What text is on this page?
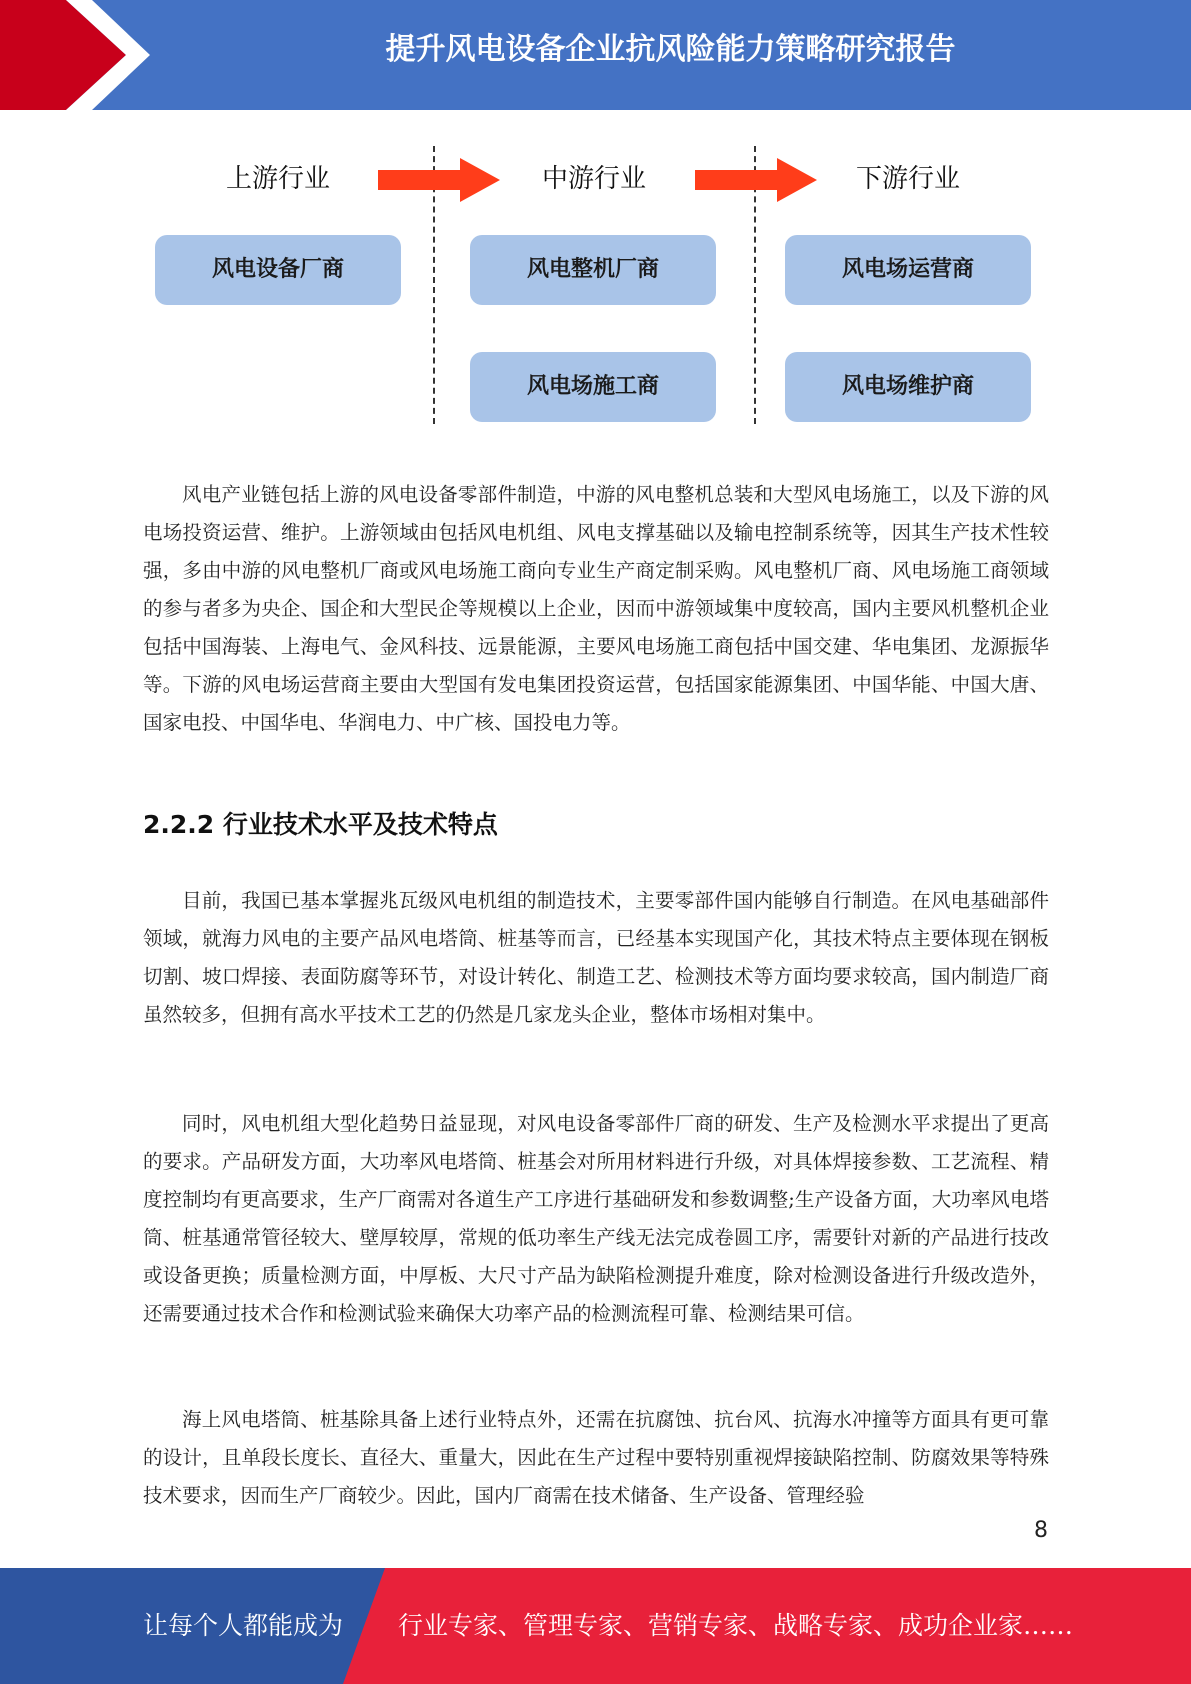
提升风电设备企业抗风险能力策略研究报告
上游行业	中游行业	下游行业
风电设备厂商	风电整机厂商
风电场施工商
风电场运营商
风电场维护商

风电产业链包括上游的风电设备零部件制造，中游的风电整机总装和大型风电场施工，以及下游的风电场投资运营、维护。上游领域由包括风电机组、风电支撑基础以及输电控制系统等，因其生产技术性较强，多由中游的风电整机厂商或风电场施工商向专业生产商定制采购。风电整机厂商、风电场施工商领域的参与者多为央企、国企和大型民企等规模以上企业，因而中游领域集中度较高，国内主要风机整机企业包括中国海装、上海电气、金风科技、远景能源，主要风电场施工商包括中国交建、华电集团、龙源振华等。下游的风电场运营商主要由大型国有发电集团投资运营，包括国家能源集团、中国华能、中国大唐、国家电投、中国华电、华润电力、中广核、国投电力等。

2.2.2 行业技术水平及技术特点

目前，我国已基本掌握兆瓦级风电机组的制造技术，主要零部件国内能够自行制造。在风电基础部件领域，就海力风电的主要产品风电塔筒、桩基等而言，已经基本实现国产化，其技术特点主要体现在钢板切割、坡口焊接、表面防腐等环节，对设计转化、制造工艺、检测技术等方面均要求较高，国内制造厂商虽然较多，但拥有高水平技术工艺的仍然是几家龙头企业，整体市场相对集中。

同时，风电机组大型化趋势日益显现，对风电设备零部件厂商的研发、生产及检测水平求提出了更高的要求。产品研发方面，大功率风电塔筒、桩基会对所用材料进行升级，对具体焊接参数、工艺流程、精度控制均有更高要求，生产厂商需对各道生产工序进行基础研发和参数调整;生产设备方面，大功率风电塔筒、桩基通常管径较大、壁厚较厚，常规的低功率生产线无法完成卷圆工序，需要针对新的产品进行技改或设备更换；质量检测方面，中厚板、大尺寸产品为缺陷检测提升难度，除对检测设备进行升级改造外，还需要通过技术合作和检测试验来确保大功率产品的检测流程可靠、检测结果可信。

海上风电塔筒、桩基除具备上述行业特点外，还需在抗腐蚀、抗台风、抗海水冲撞等方面具有更可靠的设计，且单段长度长、直径大、重量大，因此在生产过程中要特别重视焊接缺陷控制、防腐效果等特殊技术要求，因而生产厂商较少。因此，国内厂商需在技术储备、生产设备、管理经验

8
让每个人都能成为 行业专家、管理专家、营销专家、战略专家、成功企业家……
